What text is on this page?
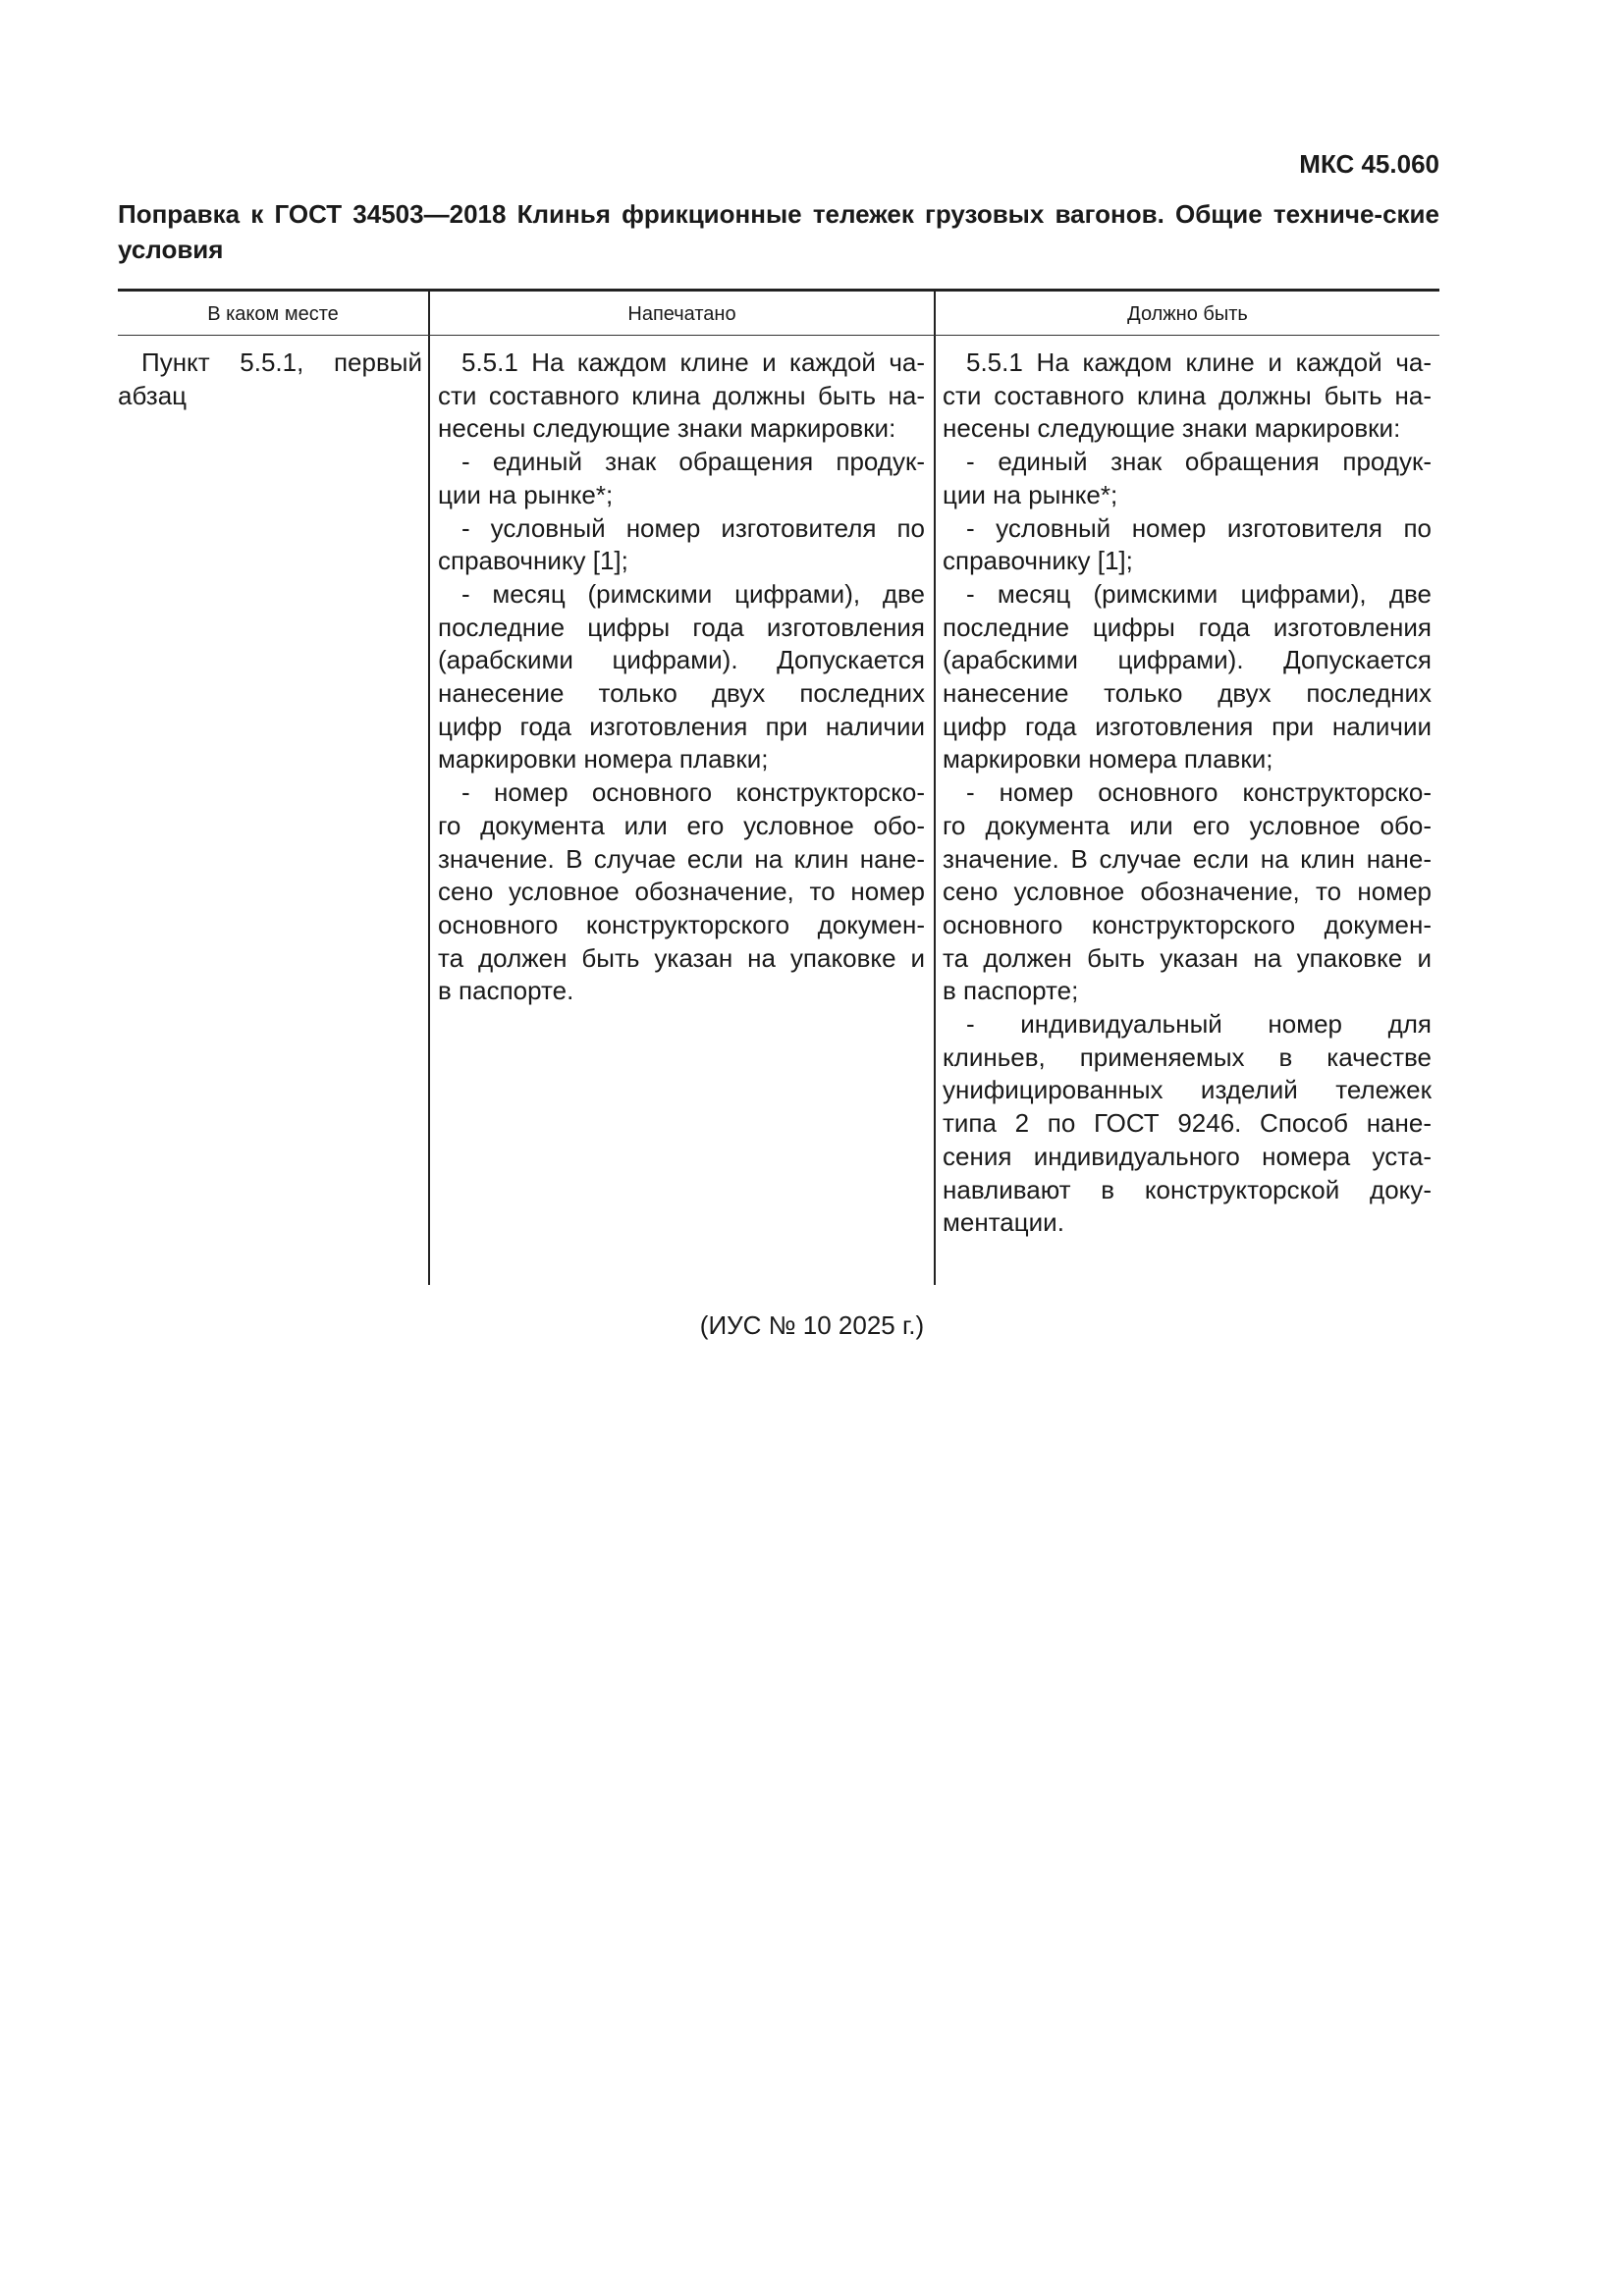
МКС 45.060
Поправка к ГОСТ 34503—2018 Клинья фрикционные тележек грузовых вагонов. Общие техниче-ские условия
В каком месте	Напечатано	Должно быть
Пункт 5.5.1, первый
абзац
5.5.1 На каждом клине и каждой ча-
сти составного клина должны быть на-
несены следующие знаки маркировки:
- единый знак обращения продук-
ции на рынке*;
- условный номер изготовителя по
справочнику [1];
- месяц (римскими цифрами), две
последние цифры года изготовления
(арабскими цифрами). Допускается
нанесение только двух последних
цифр года изготовления при наличии
маркировки номера плавки;
- номер основного конструкторско-
го документа или его условное обо-
значение. В случае если на клин нане-
сено условное обозначение, то номер
основного конструкторского докумен-
та должен быть указан на упаковке и
в паспорте.
5.5.1 На каждом клине и каждой ча-
сти составного клина должны быть на-
несены следующие знаки маркировки:
- единый знак обращения продук-
ции на рынке*;
- условный номер изготовителя по
справочнику [1];
- месяц (римскими цифрами), две
последние цифры года изготовления
(арабскими цифрами). Допускается
нанесение только двух последних
цифр года изготовления при наличии
маркировки номера плавки;
- номер основного конструкторско-
го документа или его условное обо-
значение. В случае если на клин нане-
сено условное обозначение, то номер
основного конструкторского докумен-
та должен быть указан на упаковке и
в паспорте;
- индивидуальный номер для
клиньев, применяемых в качестве
унифицированных изделий тележек
типа 2 по ГОСТ 9246. Способ нане-
сения индивидуального номера уста-
навливают в конструкторской доку-
ментации.
(ИУС № 10 2025 г.)
